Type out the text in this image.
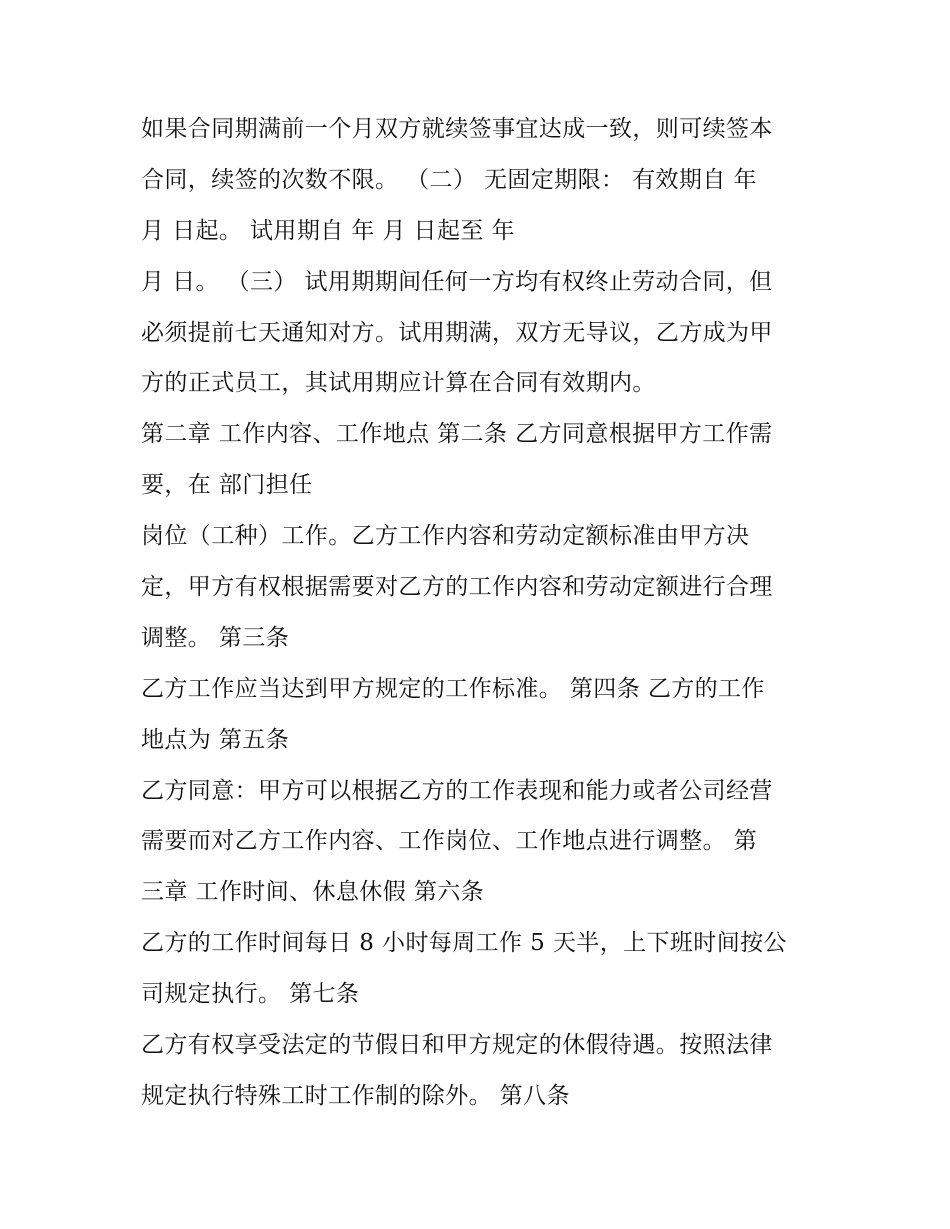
如果合同期满前一个月双方就续签事宜达成一致，则可续签本
合同，续签的次数不限。 （二） 无固定期限： 有效期自 年
月 日起。 试用期自 年 月 日起至 年
月 日。 （三） 试用期期间任何一方均有权终止劳动合同，但
必须提前七天通知对方。试用期满，双方无导议，乙方成为甲
方的正式员工，其试用期应计算在合同有效期内。
第二章 工作内容、工作地点 第二条 乙方同意根据甲方工作需
要，在 部门担任
岗位（工种）工作。乙方工作内容和劳动定额标准由甲方决
定，甲方有权根据需要对乙方的工作内容和劳动定额进行合理
调整。 第三条
乙方工作应当达到甲方规定的工作标准。 第四条 乙方的工作
地点为 第五条
乙方同意：甲方可以根据乙方的工作表现和能力或者公司经营
需要而对乙方工作内容、工作岗位、工作地点进行调整。 第
三章 工作时间、休息休假 第六条
乙方的工作时间每日 8 小时每周工作 5 天半，上下班时间按公
司规定执行。 第七条
乙方有权享受法定的节假日和甲方规定的休假待遇。按照法律
规定执行特殊工时工作制的除外。 第八条
